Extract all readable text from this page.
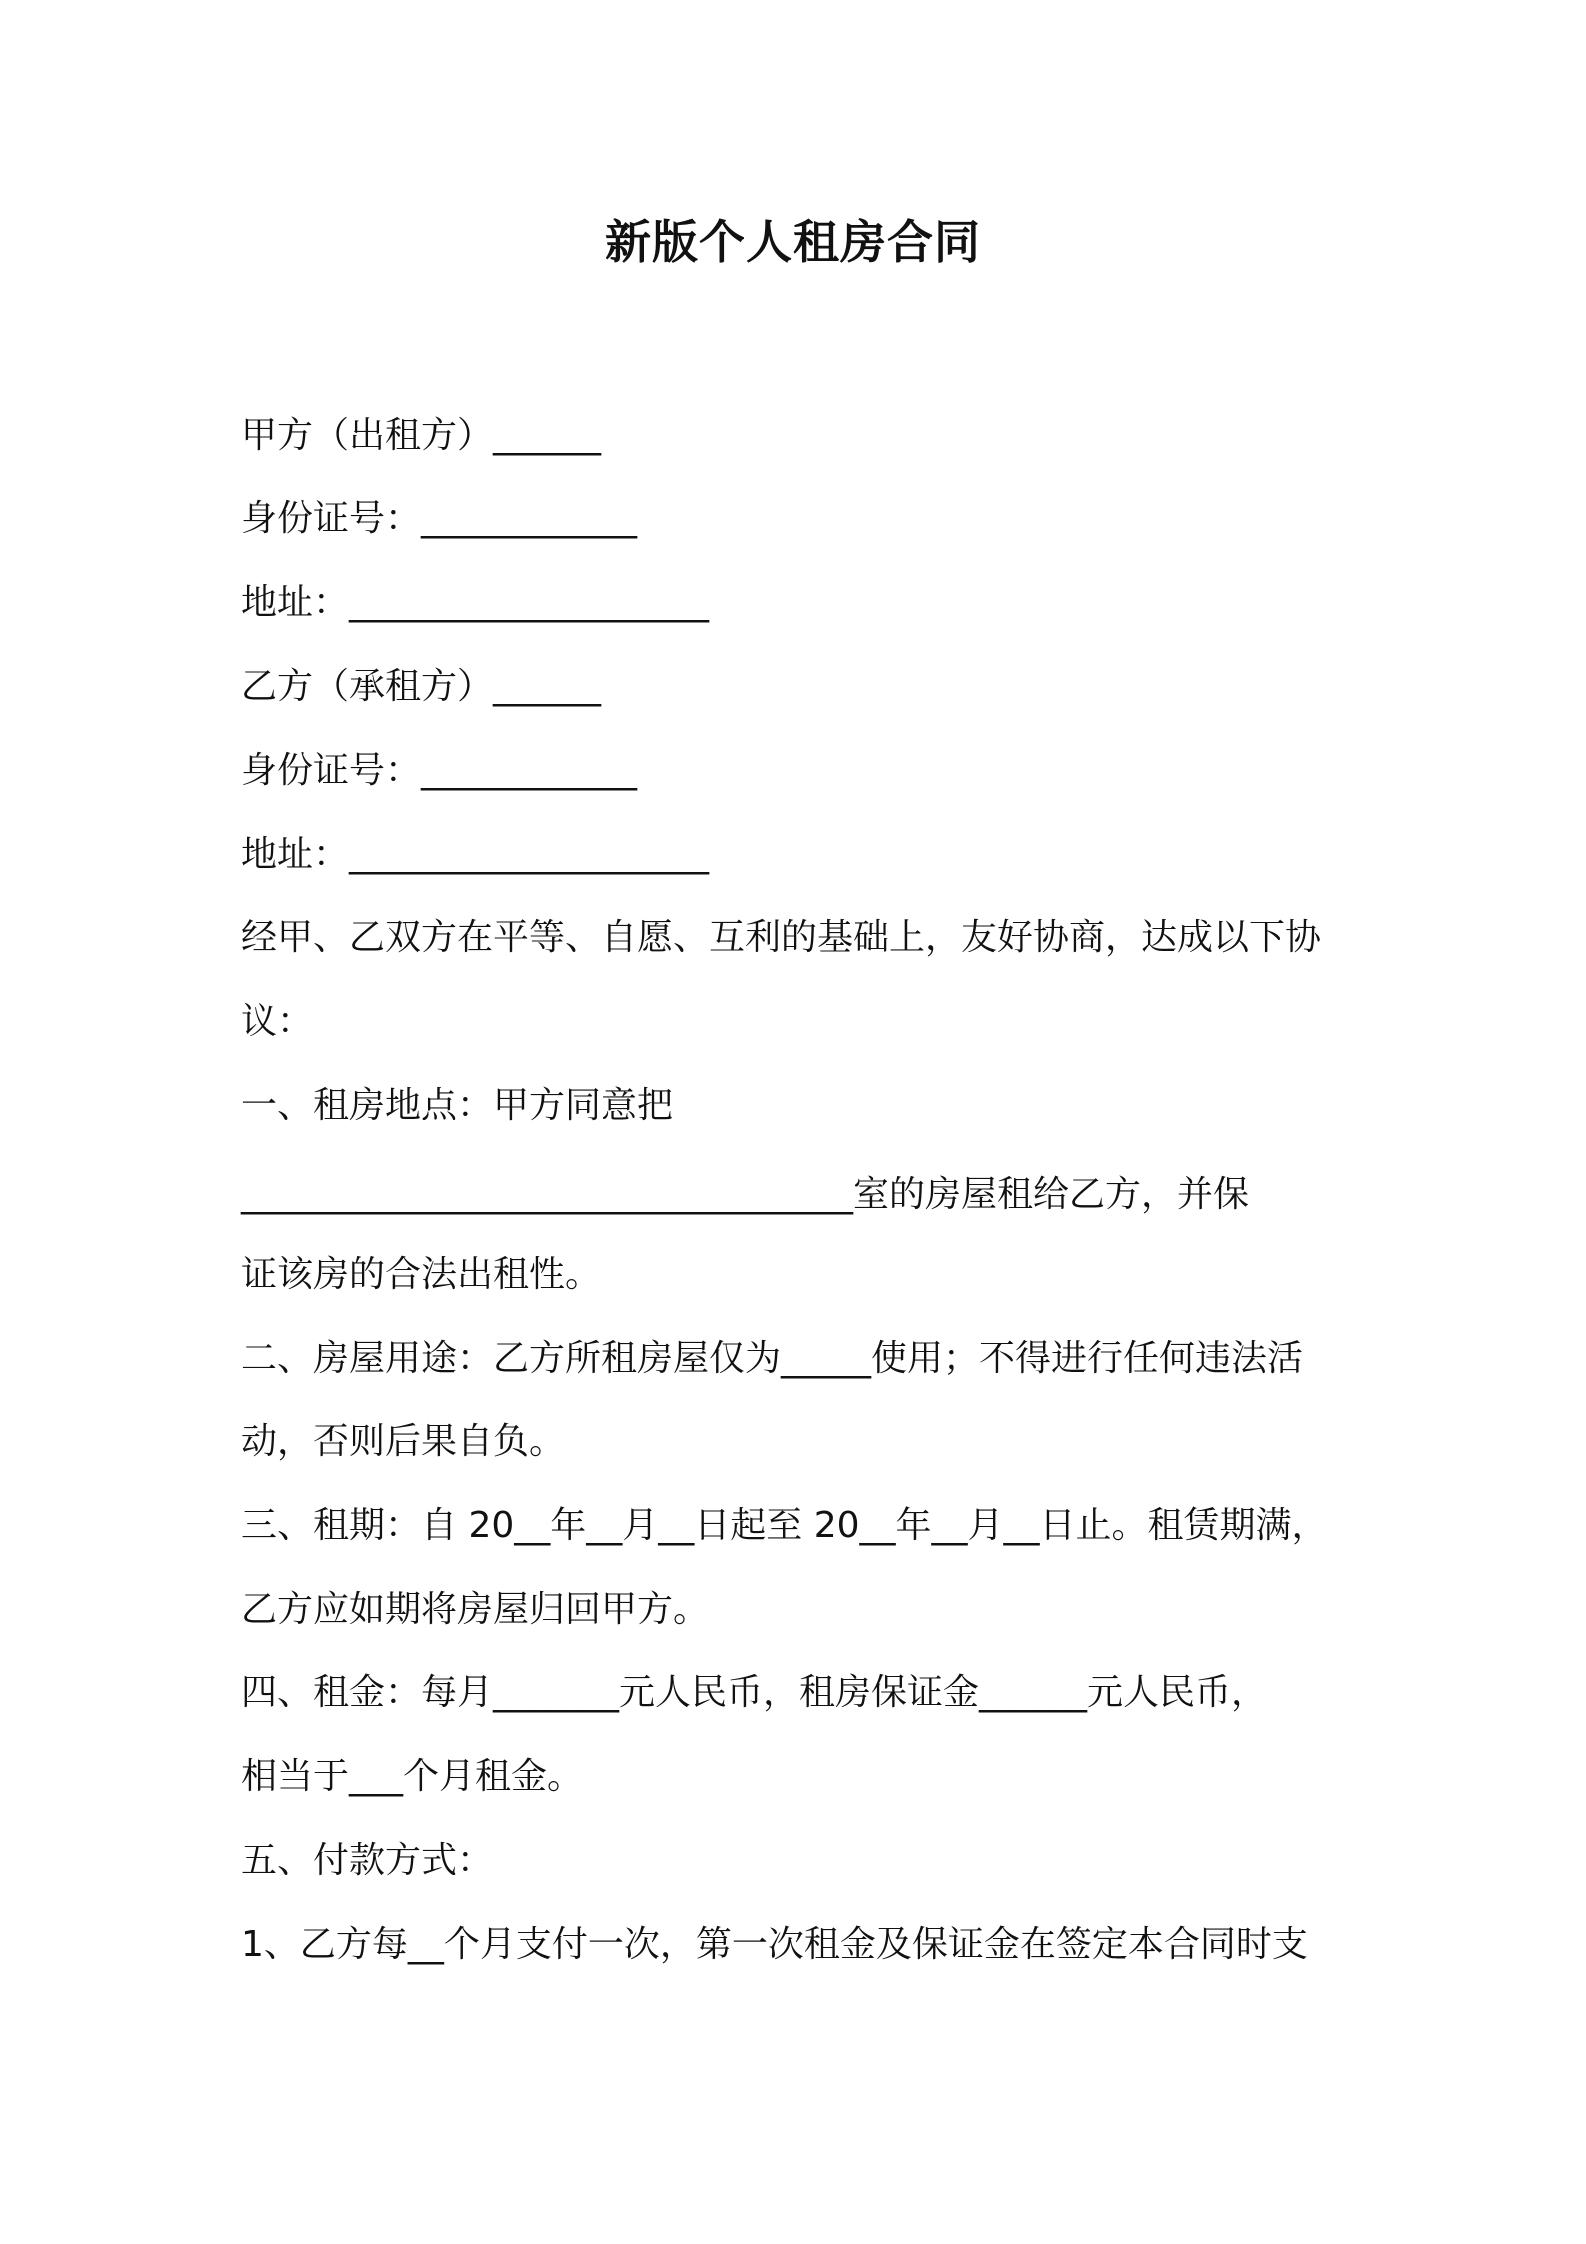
新版个人租房合同

甲方（出租方）______

身份证号：____________

地址：____________________

乙方（承租方）______

身份证号：____________

地址：____________________

经甲、乙双方在平等、自愿、互利的基础上，友好协商，达成以下协

议：

一、租房地点：甲方同意把

__________________________________室的房屋租给乙方，并保

证该房的合法出租性。

二、房屋用途：乙方所租房屋仅为_____使用；不得进行任何违法活

动，否则后果自负。

三、租期：自 20__年__月__日起至 20__年__月__日止。租赁期满，

乙方应如期将房屋归回甲方。

四、租金：每月_______元人民币，租房保证金______元人民币，

相当于___个月租金。

五、付款方式：

1、乙方每__个月支付一次，第一次租金及保证金在签定本合同时支
